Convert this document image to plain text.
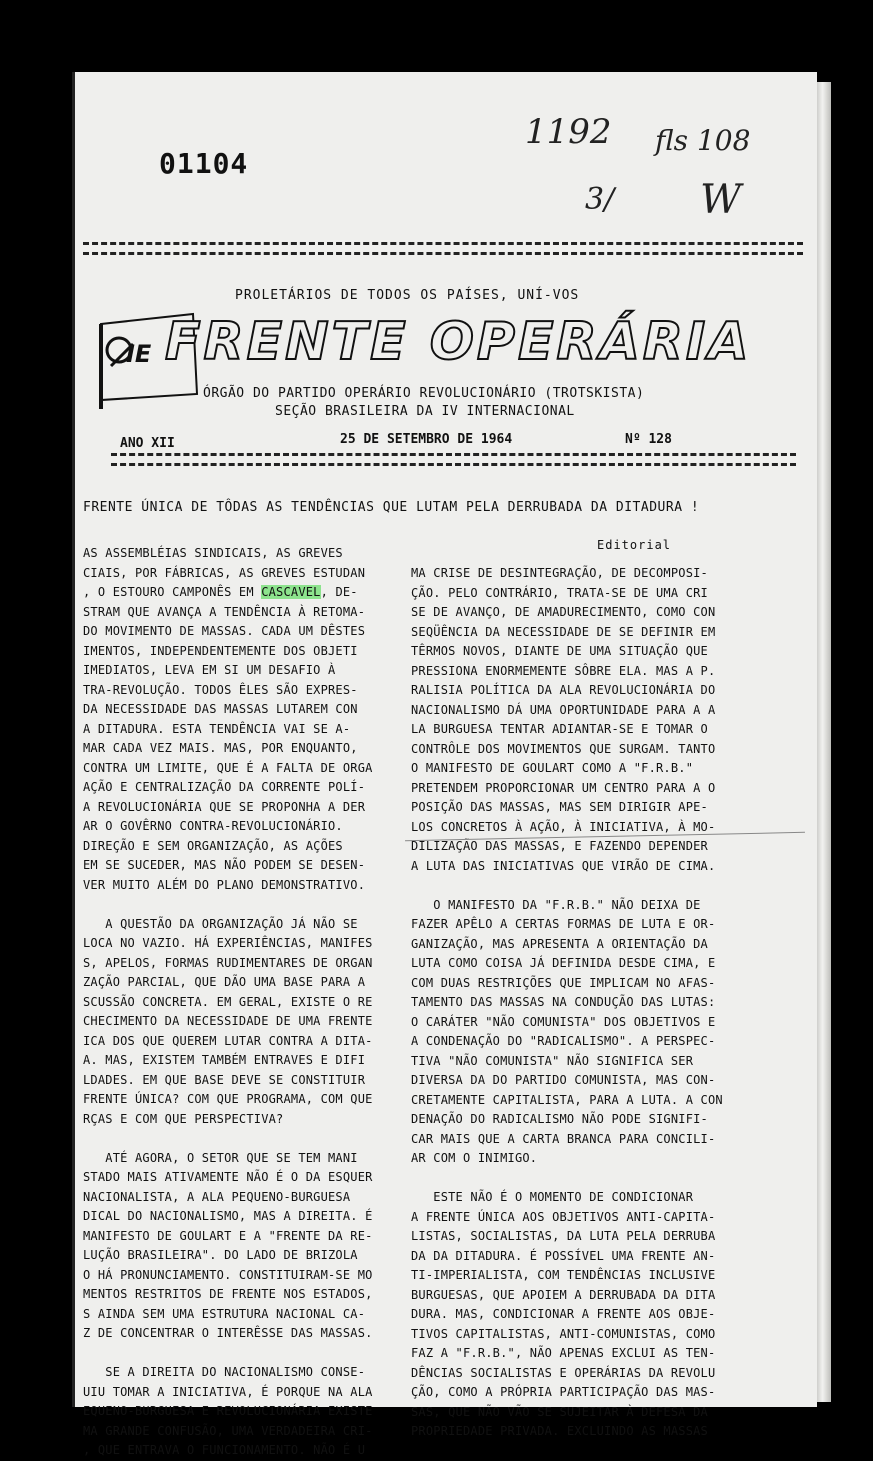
01104
1192
3/
fls 108
W
PROLETÁRIOS DE TODOS OS PAÍSES, UNÍ-VOS
IE FRENTE OPERÁRIA
ÓRGÃO DO PARTIDO OPERÁRIO REVOLUCIONÁRIO (TROTSKISTA)
SEÇÃO BRASILEIRA DA IV INTERNACIONAL
ANO XII	25 DE SETEMBRO DE 1964	Nº 128
FRENTE ÚNICA DE TÔDAS AS TENDÊNCIAS QUE LUTAM PELA DERRUBADA DA DITADURA !
Editorial
AS ASSEMBLÉIAS SINDICAIS, AS GREVES
CIAIS, POR FÁBRICAS, AS GREVES ESTUDAN
, O ESTOURO CAMPONÊS EM CASCAVEL, DE-
STRAM QUE AVANÇA A TENDÊNCIA À RETOMA-
DO MOVIMENTO DE MASSAS. CADA UM DÊSTES
IMENTOS, INDEPENDENTEMENTE DOS OBJETI
IMEDIATOS, LEVA EM SI UM DESAFIO À
TRA-REVOLUÇÃO. TODOS ÊLES SÃO EXPRES-
DA NECESSIDADE DAS MASSAS LUTAREM CON
A DITADURA. ESTA TENDÊNCIA VAI SE A-
MAR CADA VEZ MAIS. MAS, POR ENQUANTO,
CONTRA UM LIMITE, QUE É A FALTA DE ORGA
AÇÃO E CENTRALIZAÇÃO DA CORRENTE POLÍ-
A REVOLUCIONÁRIA QUE SE PROPONHA A DER
AR O GOVÊRNO CONTRA-REVOLUCIONÁRIO.
DIREÇÃO E SEM ORGANIZAÇÃO, AS AÇÕES
EM SE SUCEDER, MAS NÃO PODEM SE DESEN-
VER MUITO ALÉM DO PLANO DEMONSTRATIVO.

A QUESTÃO DA ORGANIZAÇÃO JÁ NÃO SE
LOCA NO VAZIO. HÁ EXPERIÊNCIAS, MANIFES
S, APELOS, FORMAS RUDIMENTARES DE ORGAN
ZAÇÃO PARCIAL, QUE DÃO UMA BASE PARA A
SCUSSÃO CONCRETA. EM GERAL, EXISTE O RE
CHECIMENTO DA NECESSIDADE DE UMA FRENTE
ICA DOS QUE QUEREM LUTAR CONTRA A DITA-
A. MAS, EXISTEM TAMBÉM ENTRAVES E DIFI
LDADES. EM QUE BASE DEVE SE CONSTITUIR
FRENTE ÚNICA? COM QUE PROGRAMA, COM QUE
RÇAS E COM QUE PERSPECTIVA?

ATÉ AGORA, O SETOR QUE SE TEM MANI
STADO MAIS ATIVAMENTE NÃO É O DA ESQUER
NACIONALISTA, A ALA PEQUENO-BURGUESA
DICAL DO NACIONALISMO, MAS A DIREITA. É
MANIFESTO DE GOULART E A "FRENTE DA RE-
LUÇÃO BRASILEIRA". DO LADO DE BRIZOLA
O HÁ PRONUNCIAMENTO. CONSTITUIRAM-SE MO
MENTOS RESTRITOS DE FRENTE NOS ESTADOS,
S AINDA SEM UMA ESTRUTURA NACIONAL CA-
Z DE CONCENTRAR O INTERÊSSE DAS MASSAS.

SE A DIREITA DO NACIONALISMO CONSE-
UIU TOMAR A INICIATIVA, É PORQUE NA ALA
EQUENO-BURGUESA E REVOLUCIONÁRIA EXISTE
MA GRANDE CONFUSÃO, UMA VERDADEIRA CRI-
, QUE ENTRAVA O FUNCIONAMENTO. NÃO É U
MA CRISE DE DESINTEGRAÇÃO, DE DECOMPOSI-
ÇÃO. PELO CONTRÁRIO, TRATA-SE DE UMA CRI
SE DE AVANÇO, DE AMADURECIMENTO, COMO CON
SEQÜÊNCIA DA NECESSIDADE DE SE DEFINIR EM
TÊRMOS NOVOS, DIANTE DE UMA SITUAÇÃO QUE
PRESSIONA ENORMEMENTE SÔBRE ELA. MAS A P.
RALISIA POLÍTICA DA ALA REVOLUCIONÁRIA DO
NACIONALISMO DÁ UMA OPORTUNIDADE PARA A A
LA BURGUESA TENTAR ADIANTAR-SE E TOMAR O
CONTRÔLE DOS MOVIMENTOS QUE SURGAM. TANTO
O MANIFESTO DE GOULART COMO A "F.R.B."
PRETENDEM PROPORCIONAR UM CENTRO PARA A O
POSIÇÃO DAS MASSAS, MAS SEM DIRIGIR APE-
LOS CONCRETOS À AÇÃO, À INICIATIVA, À MO-
DILIZAÇÃO DAS MASSAS, E FAZENDO DEPENDER
A LUTA DAS INICIATIVAS QUE VIRÃO DE CIMA.

O MANIFESTO DA "F.R.B." NÃO DEIXA DE
FAZER APÊLO A CERTAS FORMAS DE LUTA E OR-
GANIZAÇÃO, MAS APRESENTA A ORIENTAÇÃO DA
LUTA COMO COISA JÁ DEFINIDA DESDE CIMA, E
COM DUAS RESTRIÇÕES QUE IMPLICAM NO AFAS-
TAMENTO DAS MASSAS NA CONDUÇÃO DAS LUTAS:
O CARÁTER "NÃO COMUNISTA" DOS OBJETIVOS E
A CONDENAÇÃO DO "RADICALISMO". A PERSPEC-
TIVA "NÃO COMUNISTA" NÃO SIGNIFICA SER
DIVERSA DA DO PARTIDO COMUNISTA, MAS CON-
CRETAMENTE CAPITALISTA, PARA A LUTA. A CON
DENAÇÃO DO RADICALISMO NÃO PODE SIGNIFI-
CAR MAIS QUE A CARTA BRANCA PARA CONCILI-
AR COM O INIMIGO.

ESTE NÃO É O MOMENTO DE CONDICIONAR
A FRENTE ÚNICA AOS OBJETIVOS ANTI-CAPITA-
LISTAS, SOCIALISTAS, DA LUTA PELA DERRUBA
DA DA DITADURA. É POSSÍVEL UMA FRENTE AN-
TI-IMPERIALISTA, COM TENDÊNCIAS INCLUSIVE
BURGUESAS, QUE APOIEM A DERRUBADA DA DITA
DURA. MAS, CONDICIONAR A FRENTE AOS OBJE-
TIVOS CAPITALISTAS, ANTI-COMUNISTAS, COMO
FAZ A "F.R.B.", NÃO APENAS EXCLUI AS TEN-
DÊNCIAS SOCIALISTAS E OPERÁRIAS DA REVOLU
ÇÃO, COMO A PRÓPRIA PARTICIPAÇÃO DAS MAS-
SAS, QUE NÃO VÃO SE SUJEITAR À DEFESA DA
PROPRIEDADE PRIVADA. EXCLUINDO AS MASSAS
